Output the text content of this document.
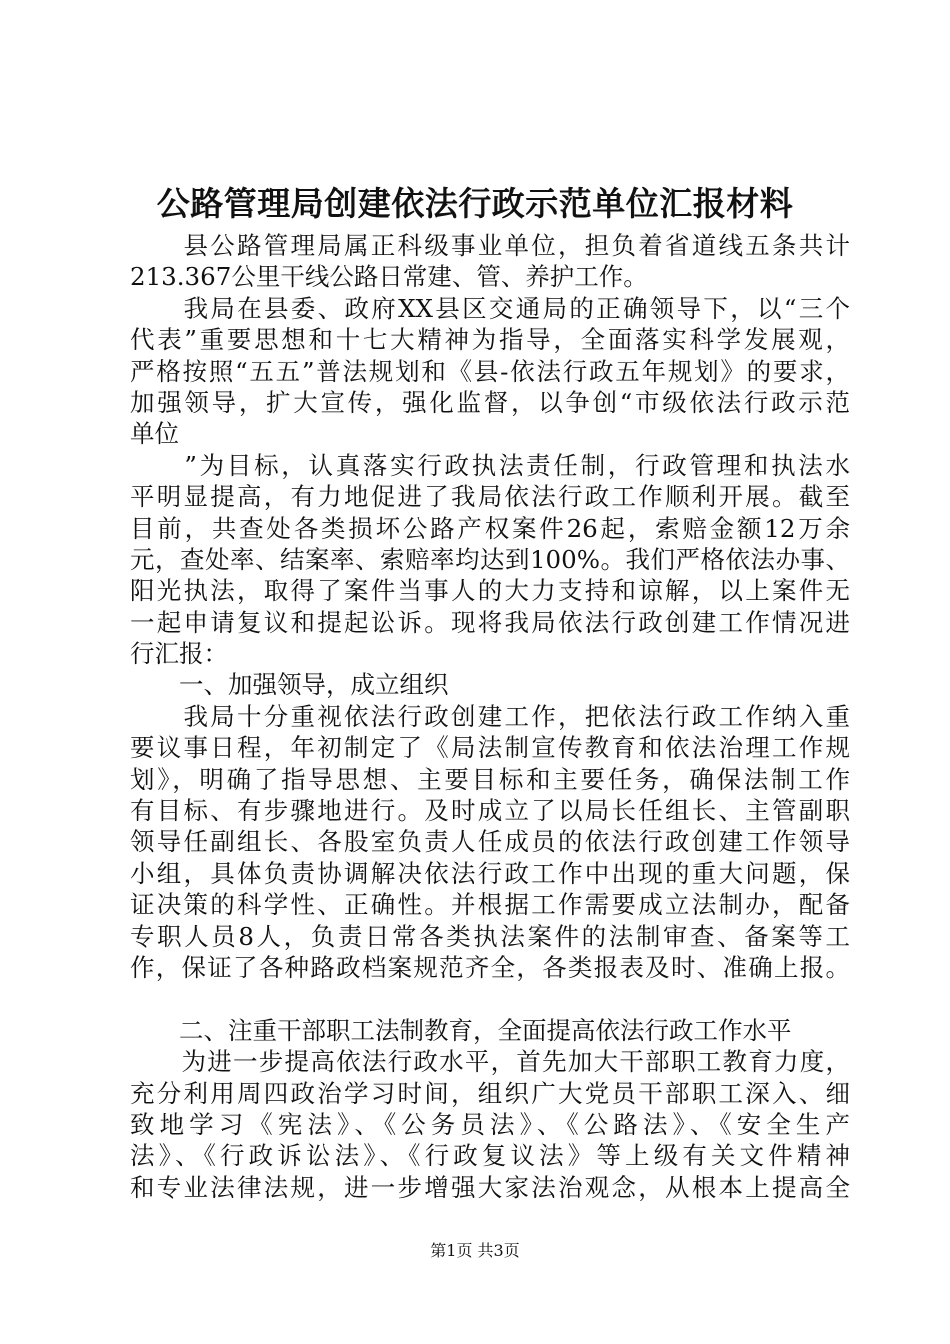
公路管理局创建依法行政示范单位汇报材料
　　县公路管理局属正科级事业单位，担负着省道线五条共计
213.367公里干线公路日常建、管、养护工作。
　　我局在县委、政府XX县区交通局的正确领导下，以“三个
代表”重要思想和十七大精神为指导，全面落实科学发展观，
严格按照“五五”普法规划和《县-依法行政五年规划》的要求，
加强领导，扩大宣传，强化监督，以争创“市级依法行政示范
单位
　　”为目标，认真落实行政执法责任制，行政管理和执法水
平明显提高，有力地促进了我局依法行政工作顺利开展。截至
目前，共查处各类损坏公路产权案件26起，索赔金额12万余
元，查处率、结案率、索赔率均达到100%。我们严格依法办事、
阳光执法，取得了案件当事人的大力支持和谅解，以上案件无
一起申请复议和提起讼诉。现将我局依法行政创建工作情况进
行汇报：
　　一、加强领导，成立组织
　　我局十分重视依法行政创建工作，把依法行政工作纳入重
要议事日程，年初制定了《局法制宣传教育和依法治理工作规
划》，明确了指导思想、主要目标和主要任务，确保法制工作
有目标、有步骤地进行。及时成立了以局长任组长、主管副职
领导任副组长、各股室负责人任成员的依法行政创建工作领导
小组，具体负责协调解决依法行政工作中出现的重大问题，保
证决策的科学性、正确性。并根据工作需要成立法制办，配备
专职人员8人，负责日常各类执法案件的法制审查、备案等工
作，保证了各种路政档案规范齐全，各类报表及时、准确上报。
　　二、注重干部职工法制教育，全面提高依法行政工作水平
　　为进一步提高依法行政水平，首先加大干部职工教育力度，
充分利用周四政治学习时间，组织广大党员干部职工深入、细
致地学习《宪法》、《公务员法》、《公路法》、《安全生产
法》、《行政诉讼法》、《行政复议法》等上级有关文件精神
和专业法律法规，进一步增强大家法治观念，从根本上提高全
第1页 共3页
